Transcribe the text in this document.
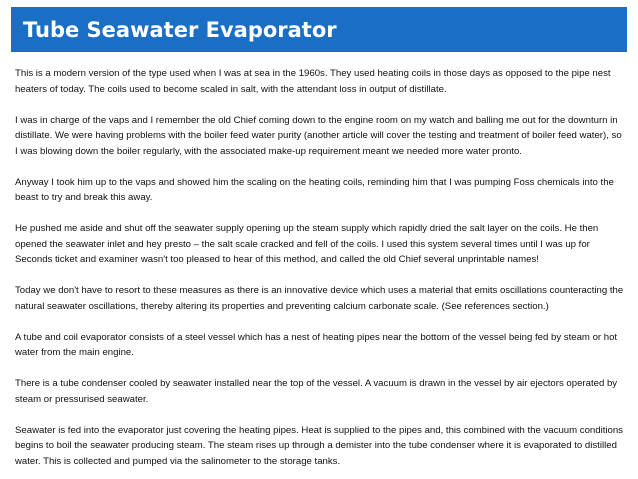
Tube Seawater Evaporator

This is a modern version of the type used when I was at sea in the 1960s. They used heating coils in those days as opposed to the pipe nest heaters of today. The coils used to become scaled in salt, with the attendant loss in output of distillate.

I was in charge of the vaps and I remember the old Chief coming down to the engine room on my watch and balling me out for the downturn in distillate. We were having problems with the boiler feed water purity (another article will cover the testing and treatment of boiler feed water), so I was blowing down the boiler regularly, with the associated make-up requirement meant we needed more water pronto.

Anyway I took him up to the vaps and showed him the scaling on the heating coils, reminding him that I was pumping Foss chemicals into the beast to try and break this away.

He pushed me aside and shut off the seawater supply opening up the steam supply which rapidly dried the salt layer on the coils. He then opened the seawater inlet and hey presto – the salt scale cracked and fell of the coils. I used this system several times until I was up for Seconds ticket and examiner wasn't too pleased to hear of this method, and called the old Chief several unprintable names!

Today we don't have to resort to these measures as there is an innovative device which uses a material that emits oscillations counteracting the natural seawater oscillations, thereby altering its properties and preventing calcium carbonate scale. (See references section.)

A tube and coil evaporator consists of a steel vessel which has a nest of heating pipes near the bottom of the vessel being fed by steam or hot water from the main engine.

There is a tube condenser cooled by seawater installed near the top of the vessel. A vacuum is drawn in the vessel by air ejectors operated by steam or pressurised seawater.

Seawater is fed into the evaporator just covering the heating pipes. Heat is supplied to the pipes and, this combined with the vacuum conditions begins to boil the seawater producing steam. The steam rises up through a demister into the tube condenser where it is evaporated to distilled water. This is collected and pumped via the salinometer to the storage tanks.
